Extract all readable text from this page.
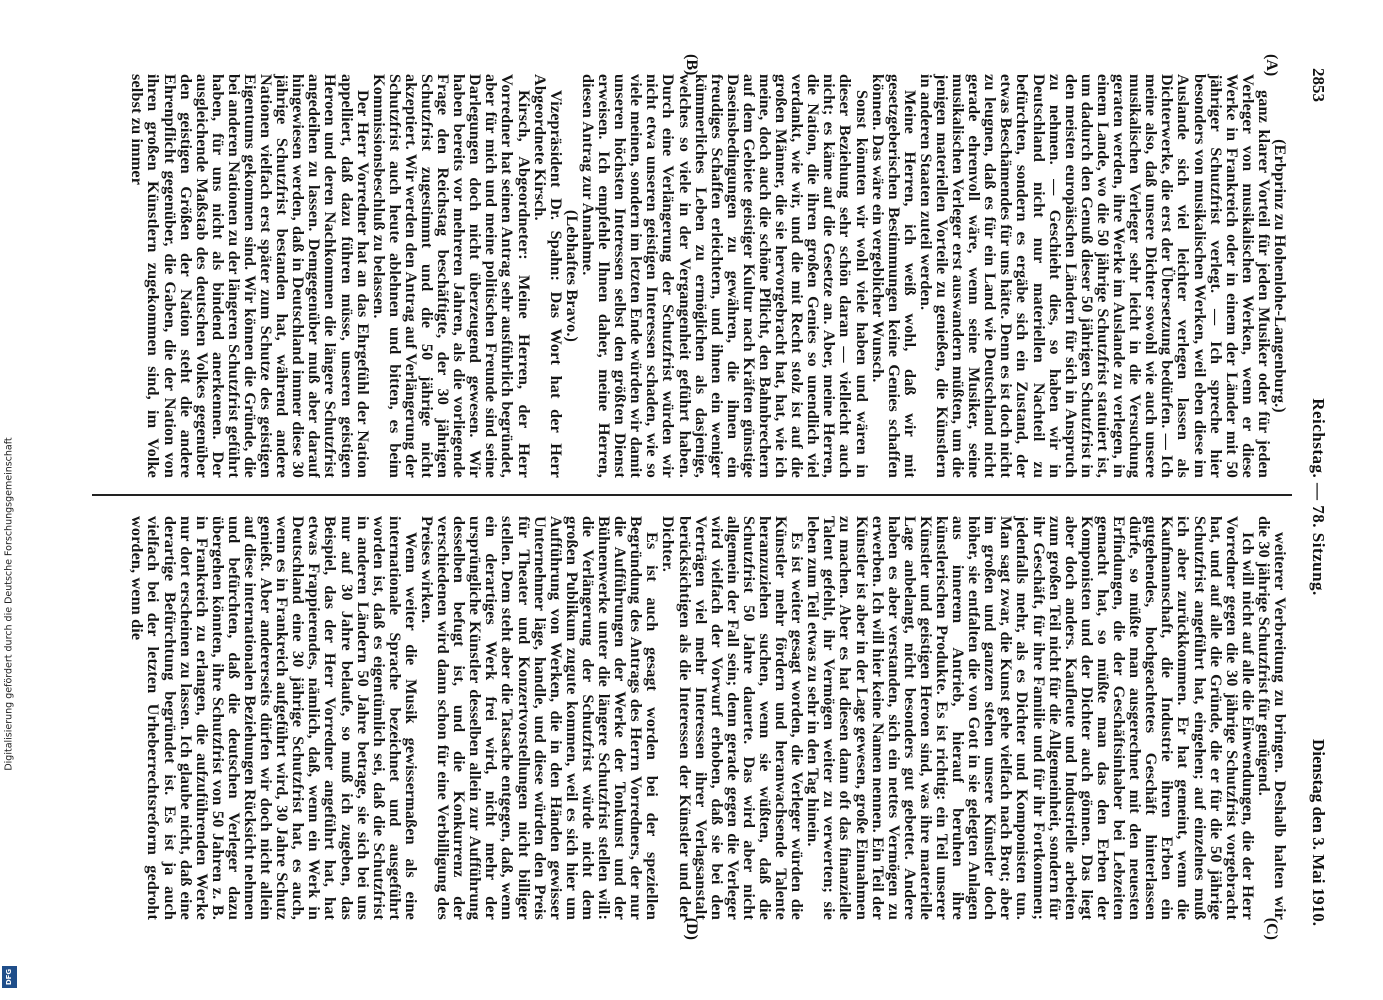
Digitalisierung gefördert durch die Deutsche Forschungsgemeinschaft
DFG
2853
Reichstag. — 78. Sitzung.
Dienstag den 3. Mai 1910.

(Erbprinz zu Hohenlohe-Langenburg.)

ganz klarer Vorteil für jeden Musiker oder für jeden Verleger von musikalischen Werken, wenn er diese Werke in Frankreich oder in einem der Länder mit 50 jähriger Schutzfrist verlegt. — Ich spreche hier besonders von musikalischen Werken, weil eben diese im Auslande sich viel leichter verlegen lassen als Dichterwerke, die erst der Übersetzung bedürfen. — Ich meine also, daß unsere Dichter sowohl wie auch unsere musikalischen Verleger sehr leicht in die Versuchung geraten werden, ihre Werke im Auslande zu verlegen, in einem Lande, wo die 50 jährige Schutzfrist statuiert ist, um dadurch den Genuß dieser 50 jährigen Schutzfrist in den meisten europäischen Ländern für sich in Anspruch zu nehmen. — Geschieht dies, so haben wir in Deutschland nicht nur materiellen Nachteil zu befürchten, sondern es ergäbe sich ein Zustand, der etwas Beschämendes für uns hätte. Denn es ist doch nicht zu leugnen, daß es für ein Land wie Deutschland nicht gerade ehrenvoll wäre, wenn seine Musiker, seine musikalischen Verleger erst auswandern müßten, um die jenigen materiellen Vorteile zu genießen, die Künstlern in anderen Staaten zuteil werden.

Meine Herren, ich weiß wohl, daß wir mit gesetzgeberischen Bestimmungen keine Genies schaffen können. Das wäre ein vergeblicher Wunsch.

Sonst könnten wir wohl viele haben und wären in dieser Beziehung sehr schön daran — vielleicht auch nicht; es käme auf die Gesetze an. Aber, meine Herren, die Nation, die ihren großen Genies so unendlich viel verdankt, wie wir, und die mit Recht stolz ist auf die großen Männer, die sie hervorgebracht hat, hat, wie ich meine, doch auch die schöne Pflicht, den Bahnbrechern auf dem Gebiete geistiger Kultur nach Kräften günstige Daseinsbedingungen zu gewähren, die ihnen ein freudiges Schaffen erleichtern, und ihnen ein weniger kümmerliches Leben zu ermöglichen als dasjenige, welches so viele in der Vergangenheit geführt haben. Durch eine Verlängerung der Schutzfrist würden wir nicht etwa unseren geistigen Interessen schaden, wie so viele meinen, sondern im letzten Ende würden wir damit unseren höchsten Interessen selbst den größten Dienst erweisen. Ich empfehle Ihnen daher, meine Herren, diesen Antrag zur Annahme.

(Lebhaftes Bravo.)

Vizepräsident Dr. Spahn: Das Wort hat der Herr Abgeordnete Kirsch.

Kirsch, Abgeordneter: Meine Herren, der Herr Vorredner hat seinen Antrag sehr ausführlich begründet, aber für mich und meine politischen Freunde sind seine Darlegungen doch nicht überzeugend gewesen. Wir haben bereits vor mehreren Jahren, als die vorliegende Frage den Reichstag beschäftigte, der 30 jährigen Schutzfrist zugestimmt und die 50 jährige nicht akzeptiert. Wir werden den Antrag auf Verlängerung der Schutzfrist auch heute ablehnen und bitten, es beim Kommissionsbeschluß zu belassen.

Der Herr Vorredner hat an das Ehrgefühl der Nation appelliert, daß dazu führen müsse, unseren geistigen Heroen und deren Nachkommen die längere Schutzfrist angedeihen zu lassen. Demgegenüber muß aber darauf hingewiesen werden, daß in Deutschland immer diese 30 jährige Schutzfrist bestanden hat, während andere Nationen vielfach erst später zum Schutze des geistigen Eigentums gekommen sind. Wir können die Gründe, die bei anderen Nationen zu der längeren Schutzfrist geführt haben, für uns nicht als bindend anerkennen. Der ausgleichende Maßstab des deutschen Volkes gegenüber den geistigen Größen der Nation steht die andere Ehrenpflicht gegenüber, die Gaben, die der Nation von ihren großen Künstlern zugekommen sind, im Volke selbst zu immer

weiterer Verbreitung zu bringen. Deshalb halten wir die 30 jährige Schutzfrist für genügend.

Ich will nicht auf alle die Einwendungen, die der Herr Vorredner gegen die 30 jährige Schutzfrist vorgebracht hat, und auf alle die Gründe, die er für die 50 jährige Schutzfrist angeführt hat, eingehen; auf einzelnes muß ich aber zurückkommen. Er hat gemeint, wenn die Kaufmannschaft, die Industrie ihren Erben ein gutgehendes, hochgeachtetes Geschäft hinterlassen dürfe, so müßte man ausgerechnet mit den neuesten Erfindungen, die der Geschäftsinhaber bei Lebzeiten gemacht hat, so müßte man das den Erben der Komponisten und der Dichter auch gönnen. Das liegt aber doch anders. Kaufleute und Industrielle arbeiten zum großen Teil nicht für die Allgemeinheit, sondern für ihr Geschäft, für ihre Familie und für ihr Fortkommen; jedenfalls mehr, als es Dichter und Komponisten tun. Man sagt zwar, die Kunst gehe vielfach nach Brot; aber im großen und ganzen stehen unsere Künstler doch höher, sie entfalten die von Gott in sie gelegten Anlagen aus innerem Antrieb, hierauf beruhen ihre künstlerischen Produkte. Es ist richtig: ein Teil unserer Künstler und geistigen Heroen sind, was ihre materielle Lage anbelangt, nicht besonders gut gebettet. Andere haben es aber verstanden, sich ein nettes Vermögen zu erwerben. Ich will hier keine Namen nennen. Ein Teil der Künstler ist aber in der Lage gewesen, große Einnahmen zu machen. Aber es hat diesen dann oft das finanzielle Talent gefehlt, ihr Vermögen weiter zu verwerten; sie leben zum Teil etwas zu sehr in den Tag hinein.

Es ist weiter gesagt worden, die Verleger würden die Künstler mehr fördern und heranwachsende Talente heranzuziehen suchen, wenn sie wüßten, daß die Schutzfrist 50 Jahre dauerte. Das wird aber nicht allgemein der Fall sein; denn gerade gegen die Verleger wird vielfach der Vorwurf erhoben, daß sie bei den Verträgen viel mehr Interessen ihrer Verlagsanstalt berücksichtigen als die Interessen der Künstler und der Dichter.

Es ist auch gesagt worden bei der speziellen Begründung des Antrags des Herrn Vorredners, der nur die Aufführungen der Werke der Tonkunst und der Bühnenwerke unter die längere Schutzfrist stellen will: die Verlängerung der Schutzfrist würde nicht dem großen Publikum zugute kommen, weil es sich hier um Aufführung von Werken, die in den Händen gewisser Unternehmer läge, handle, und diese würden den Preis für Theater und Konzertvorstellungen nicht billiger stellen. Dem steht aber die Tatsache entgegen, daß, wenn ein derartiges Werk frei wird, nicht mehr der ursprüngliche Künstler desselben allein zur Aufführung desselben befugt ist, und die Konkurrenz der verschiedenen wird dann schon für eine Verbilligung des Preises wirken.

Wenn weiter die Musik gewissermaßen als eine internationale Sprache bezeichnet und ausgeführt worden ist, daß es eigentümlich sei, daß die Schutzfrist in anderen Ländern 50 Jahre betrage, sie sich bei uns nur auf 30 Jahre belaufe, so muß ich zugeben, das Beispiel, das der Herr Vorredner angeführt hat, hat etwas Frappierendes, nämlich, daß, wenn ein Werk in Deutschland eine 30 jährige Schutzfrist hat, es auch, wenn es in Frankreich aufgeführt wird, 30 Jahre Schutz genießt. Aber andererseits dürfen wir doch nicht allein auf diese internationalen Beziehungen Rücksicht nehmen und befürchten, daß die deutschen Verleger dazu übergehen könnten, ihre Schutzfrist von 50 Jahren z. B. in Frankreich zu erlangen, die aufzuführenden Werke nur dort erscheinen zu lassen. Ich glaube nicht, daß eine derartige Befürchtung begründet ist. Es ist ja auch vielfach bei der letzten Urheberrechtsreform gedroht worden, wenn die

(A)
(B)
(C)
(D)
